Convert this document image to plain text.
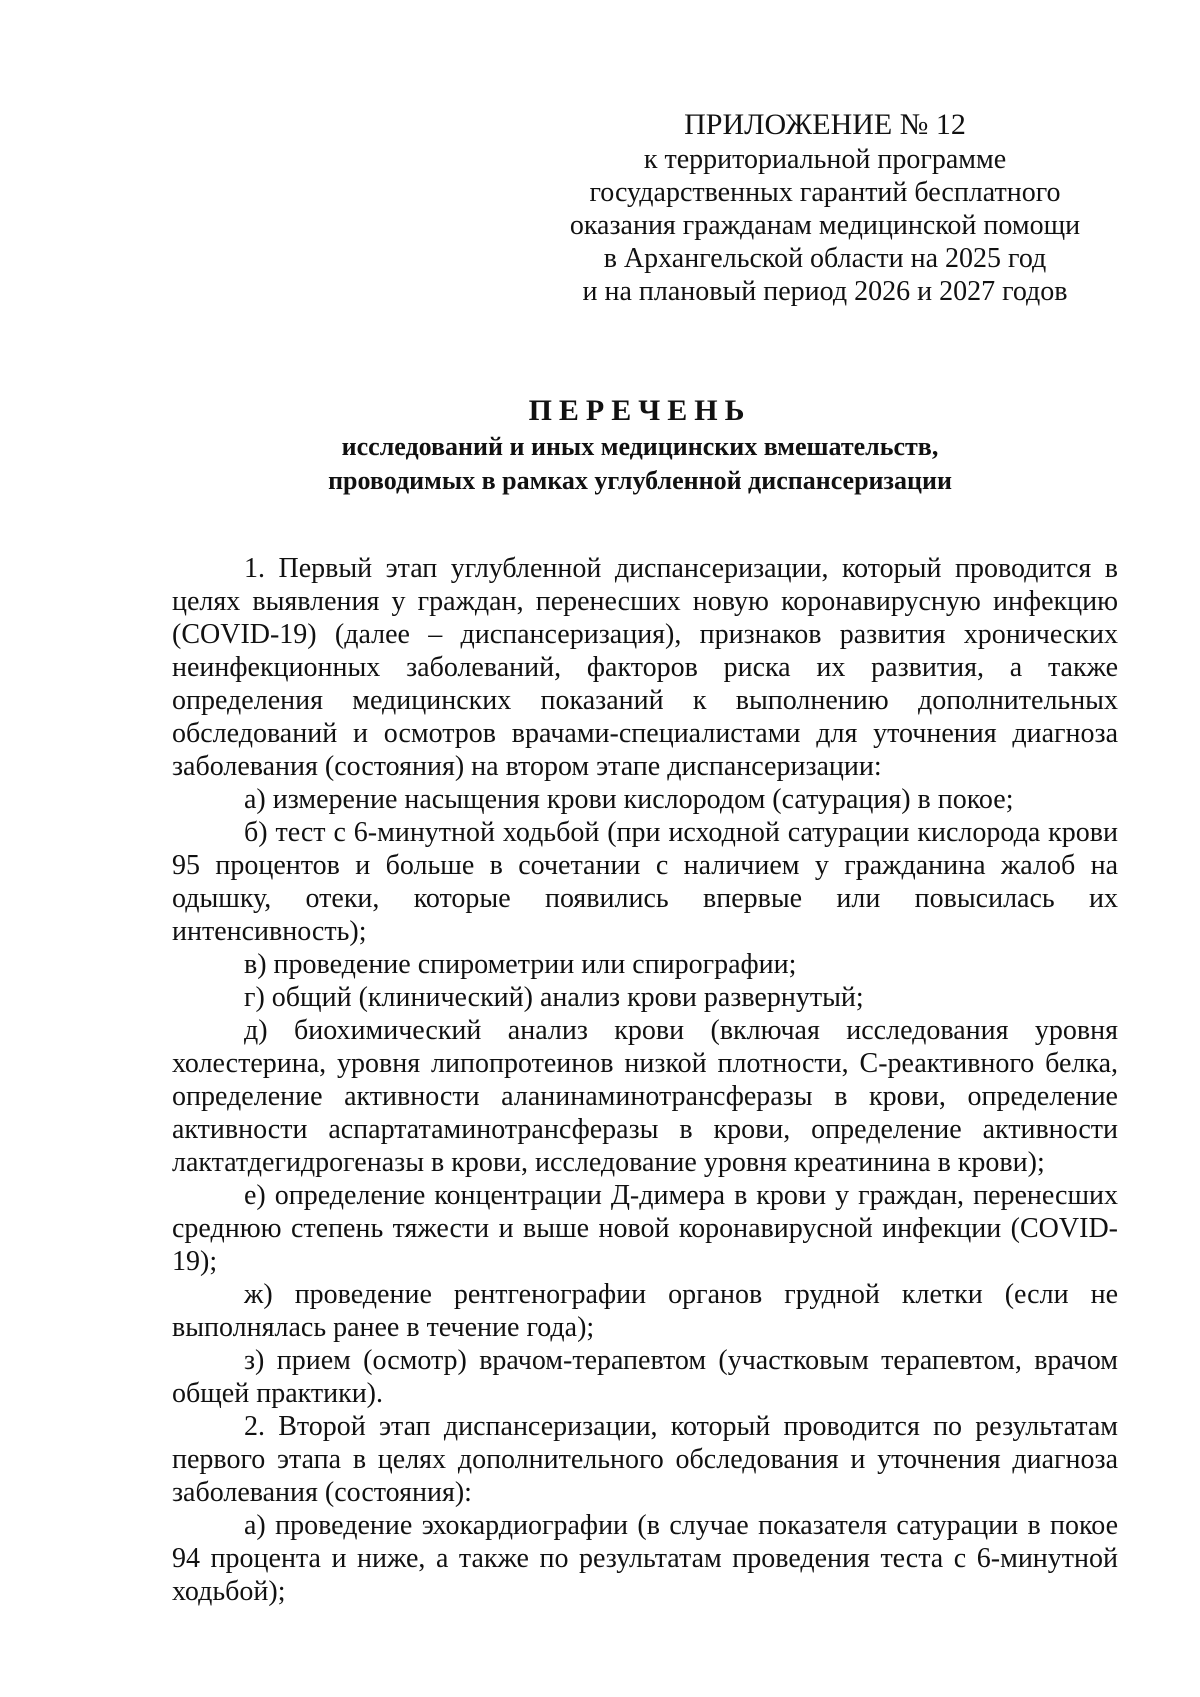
ПРИЛОЖЕНИЕ № 12
к территориальной программе
государственных гарантий бесплатного
оказания гражданам медицинской помощи
в Архангельской области на 2025 год
и на плановый период 2026 и 2027 годов
ПЕРЕЧЕНЬ
исследований и иных медицинских вмешательств,
проводимых в рамках углубленной диспансеризации

1. Первый этап углубленной диспансеризации, который проводится в целях выявления у граждан, перенесших новую коронавирусную инфекцию (COVID-19) (далее – диспансеризация), признаков развития хронических неинфекционных заболеваний, факторов риска их развития, а также определения медицинских показаний к выполнению дополнительных обследований и осмотров врачами-специалистами для уточнения диагноза заболевания (состояния) на втором этапе диспансеризации:

а) измерение насыщения крови кислородом (сатурация) в покое;

б) тест с 6-минутной ходьбой (при исходной сатурации кислорода крови 95 процентов и больше в сочетании с наличием у гражданина жалоб на одышку, отеки, которые появились впервые или повысилась их интенсивность);

в) проведение спирометрии или спирографии;

г) общий (клинический) анализ крови развернутый;

д) биохимический анализ крови (включая исследования уровня холестерина, уровня липопротеинов низкой плотности, С-реактивного белка, определение активности аланинаминотрансферазы в крови, определение активности аспартатаминотрансферазы в крови, определение активности лактатдегидрогеназы в крови, исследование уровня креатинина в крови);

е) определение концентрации Д-димера в крови у граждан, перенесших среднюю степень тяжести и выше новой коронавирусной инфекции (COVID-19);

ж) проведение рентгенографии органов грудной клетки (если не выполнялась ранее в течение года);

з) прием (осмотр) врачом-терапевтом (участковым терапевтом, врачом общей практики).

2. Второй этап диспансеризации, который проводится по результатам первого этапа в целях дополнительного обследования и уточнения диагноза заболевания (состояния):

а) проведение эхокардиографии (в случае показателя сатурации в покое 94 процента и ниже, а также по результатам проведения теста с 6-минутной ходьбой);
